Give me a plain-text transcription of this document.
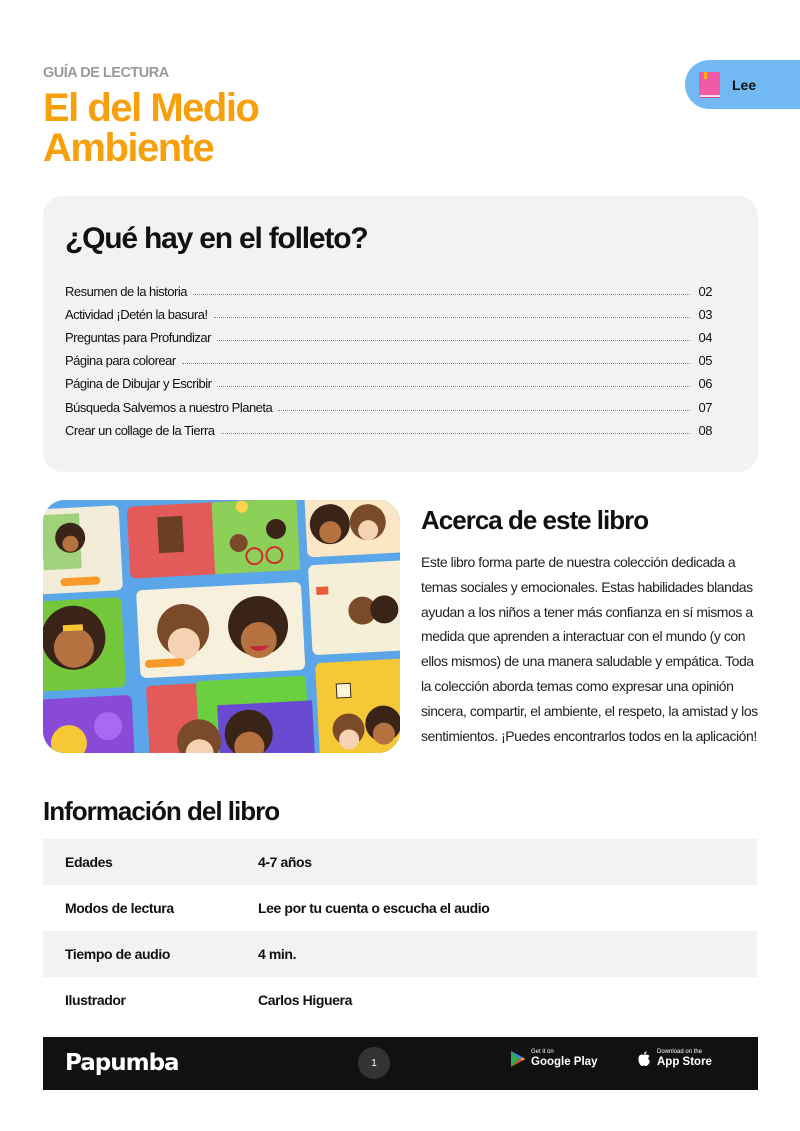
GUÍA DE LECTURA
El del Medio
Ambiente
Lee
¿Qué hay en el folleto?
Resumen de la historia	02
Actividad ¡Detén la basura!	03
Preguntas para Profundizar	04
Página para colorear	05
Página de Dibujar y Escribir	06
Búsqueda Salvemos a nuestro Planeta	07
Crear un collage de la Tierra	08
Acerca de este libro

Este libro forma parte de nuestra colección dedicada a temas sociales y emocionales. Estas habilidades blandas ayudan a los niños a tener más confianza en sí mismos a medida que aprenden a interactuar con el mundo (y con ellos mismos) de una manera saludable y empática. Toda la colección aborda temas como expresar una opinión sincera, compartir, el ambiente, el respeto, la amistad y los sentimientos. ¡Puedes encontrarlos todos en la aplicación!

Información del libro
Edades	4-7 años
Modos de lectura	Lee por tu cuenta o escucha el audio
Tiempo de audio	4 min.
Ilustrador	Carlos Higuera
Papumba	1
Get it on
Google Play
Download on the
App Store
